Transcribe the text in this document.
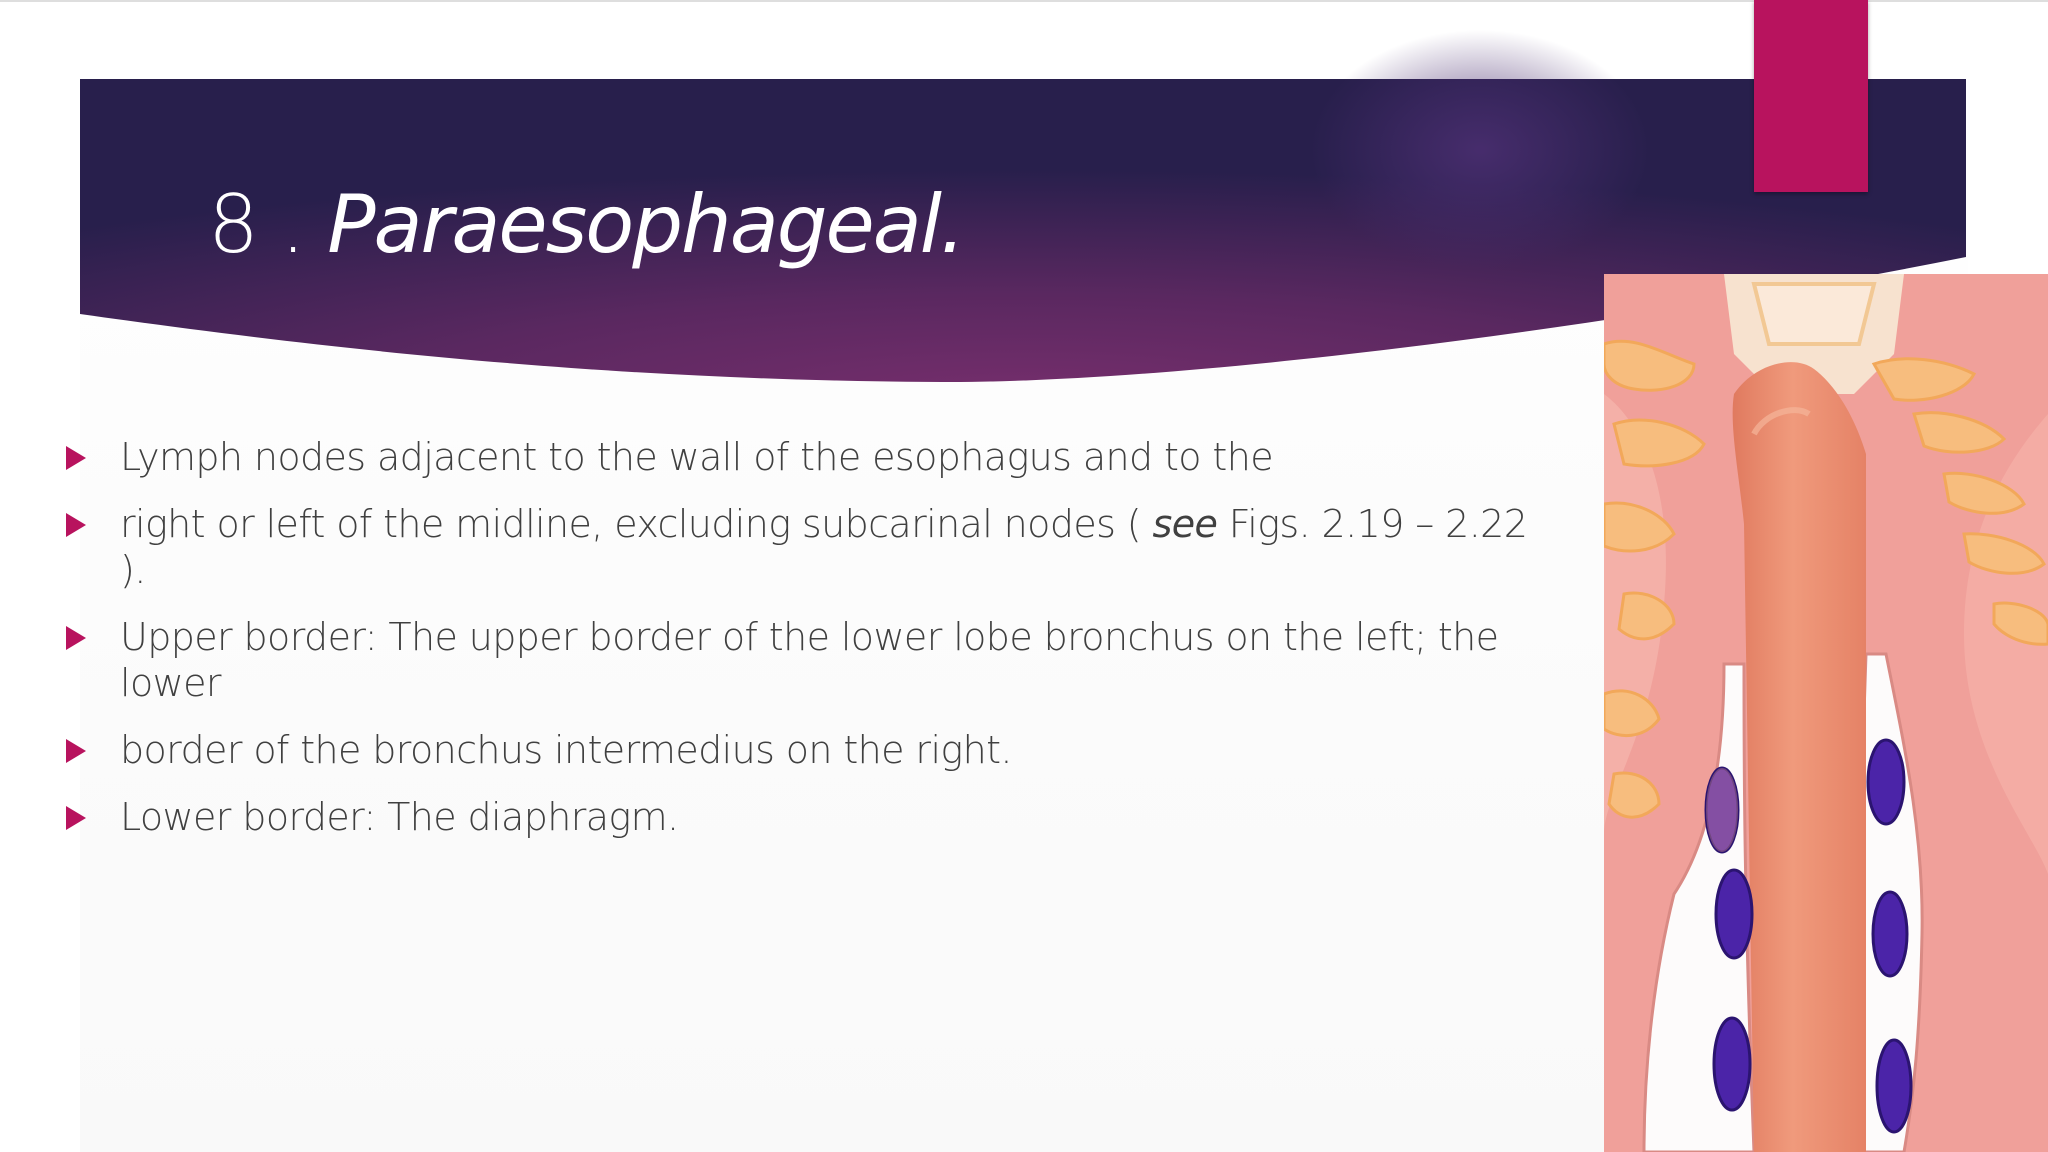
8 . Paraesophageal.
Lymph nodes adjacent to the wall of the esophagus and to the
right or left of the midline, excluding subcarinal nodes ( see Figs. 2.19 – 2.22 ).
Upper border: The upper border of the lower lobe bronchus on the left; the lower
border of the bronchus intermedius on the right.
Lower border: The diaphragm.
